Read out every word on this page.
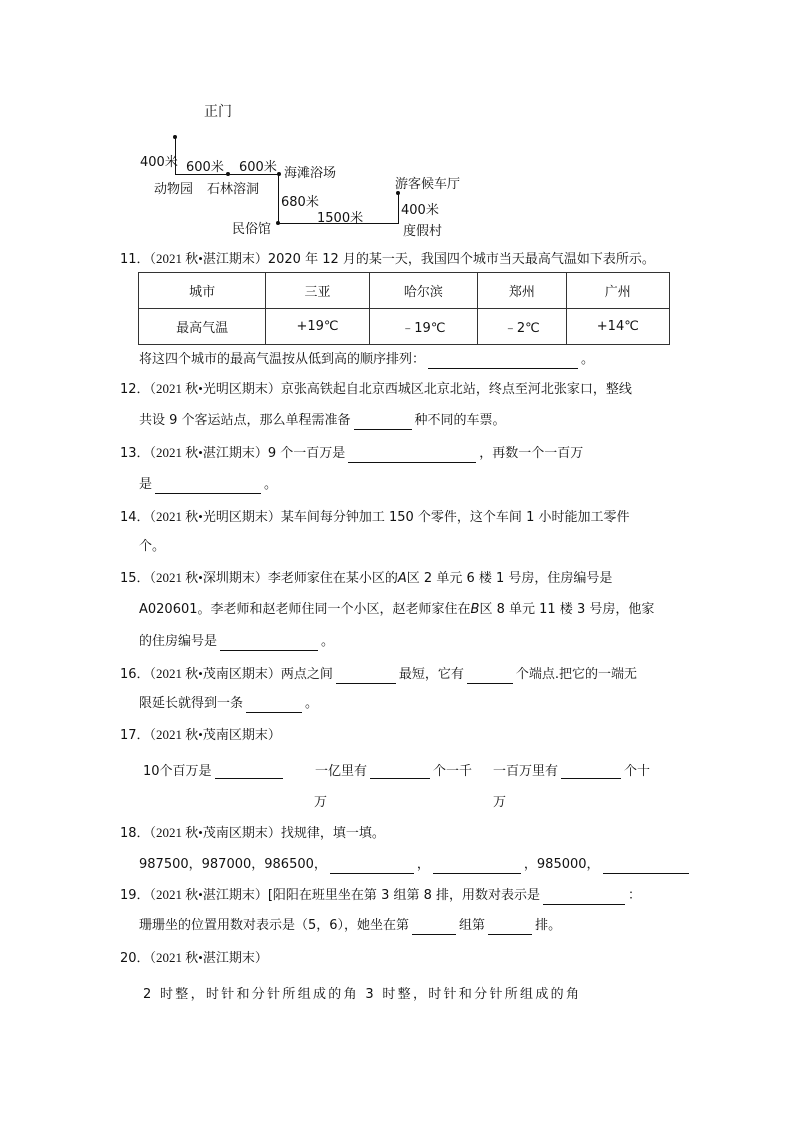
正门
400米 600米 600米 海滩浴场
动物园 石林溶洞
680米
1500米
民俗馆
游客候车厅
400米
度假村
11．（2021 秋•湛江期末）2020 年 12 月的某一天，我国四个城市当天最高气温如下表所示。
城市	三亚	哈尔滨	郑州	广州
最高气温	+19℃	﹣19℃	﹣2℃	+14℃
将这四个城市的最高气温按从低到高的顺序排列：	。
12．（2021 秋•光明区期末）京张高铁起自北京西城区北京北站，终点至河北张家口，整线
共设 9 个客运站点，那么单程需准备	种不同的车票。
13．（2021 秋•湛江期末）9 个一百万是	，再数一个一百万
是	。
14．（2021 秋•光明区期末）某车间每分钟加工 150 个零件，这个车间 1 小时能加工零件
个。
15．（2021 秋•深圳期末）李老师家住在某小区的A区 2 单元 6 楼 1 号房，住房编号是
A020601。李老师和赵老师住同一个小区，赵老师家住在B区 8 单元 11 楼 3 号房，他家
的住房编号是	。
16．（2021 秋•茂南区期末）两点之间	最短，它有	个端点.把它的一端无
限延长就得到一条	。
17．（2021 秋•茂南区期末）
10个百万是	一亿里有	个一千
万
一百万里有	个十
万
18．（2021 秋•茂南区期末）找规律，填一填。
987500，987000，986500，	，	，985000，
19．（2021 秋•湛江期末）[阳阳在班里坐在第 3 组第 8 排，用数对表示是	：
珊珊坐的位置用数对表示是（5，6），她坐在第	组第	排。
20．（2021 秋•湛江期末）
2 时整，时针和分针所组成的角 3 时整，时针和分针所组成的角
